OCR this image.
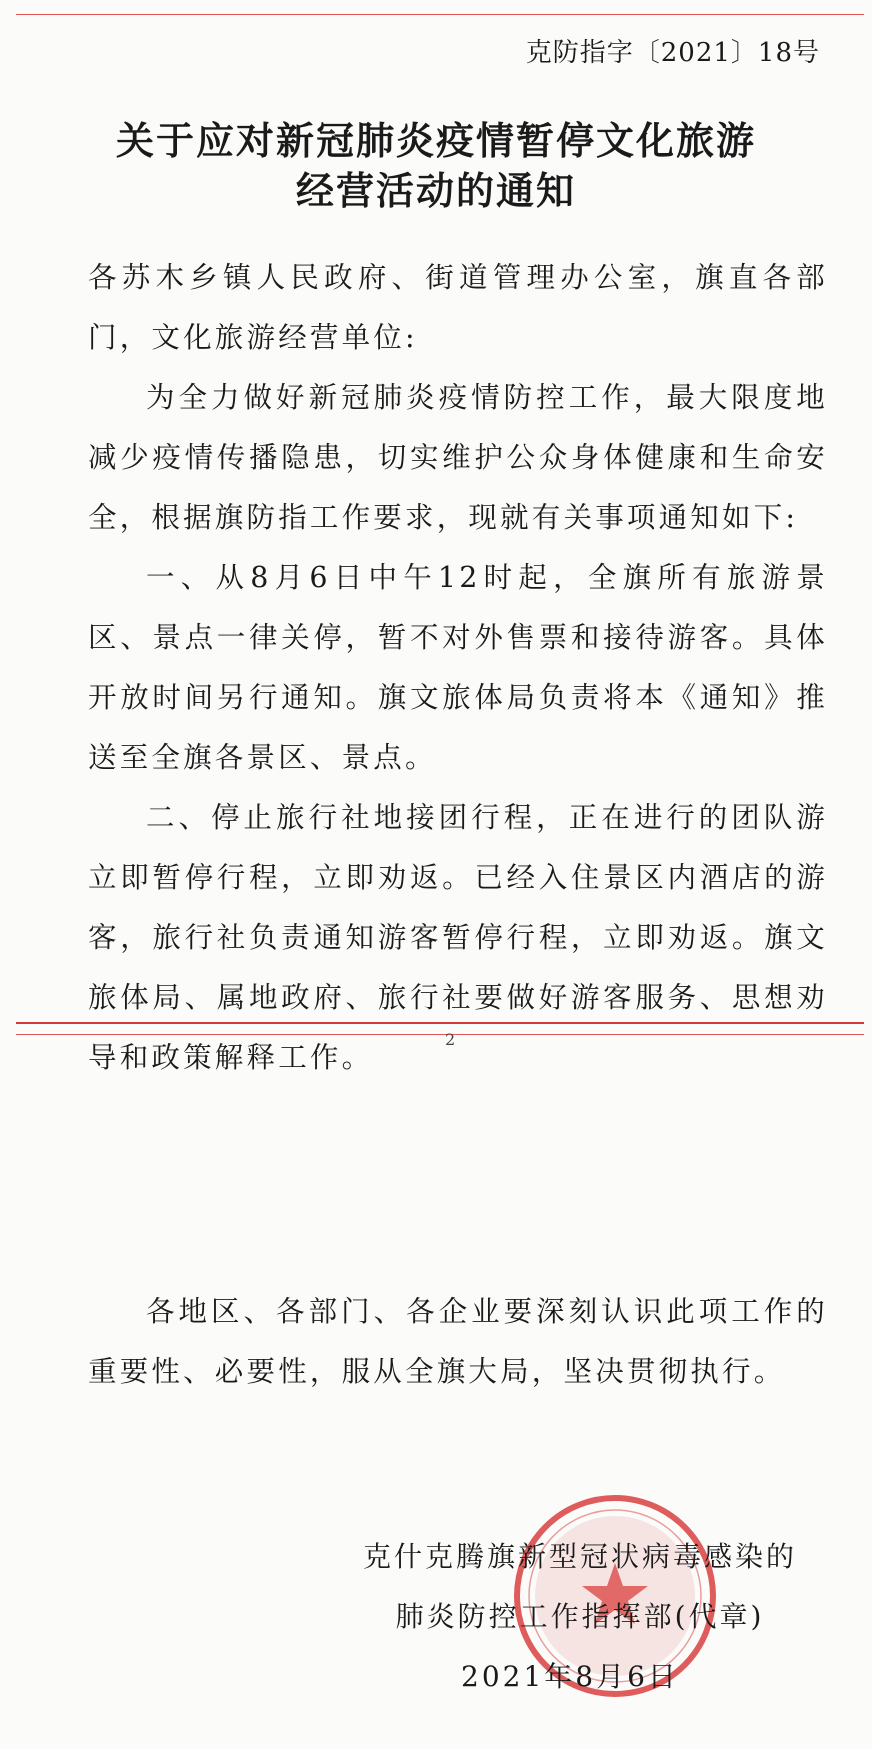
克防指字〔2021〕18号
关于应对新冠肺炎疫情暂停文化旅游
经营活动的通知

各苏木乡镇人民政府、街道管理办公室，旗直各部门，文化旅游经营单位:

为全力做好新冠肺炎疫情防控工作，最大限度地减少疫情传播隐患，切实维护公众身体健康和生命安全，根据旗防指工作要求，现就有关事项通知如下:

一、从8月6日中午12时起，全旗所有旅游景区、景点一律关停，暂不对外售票和接待游客。具体开放时间另行通知。旗文旅体局负责将本《通知》推送至全旗各景区、景点。

二、停止旅行社地接团行程，正在进行的团队游立即暂停行程，立即劝返。已经入住景区内酒店的游客，旅行社负责通知游客暂停行程，立即劝返。旗文旅体局、属地政府、旅行社要做好游客服务、思想劝导和政策解释工作。

2

各地区、各部门、各企业要深刻认识此项工作的重要性、必要性，服从全旗大局，坚决贯彻执行。

克什克腾旗新型冠状病毒感染的
肺炎防控工作指挥部(代章)
2021年8月6日
